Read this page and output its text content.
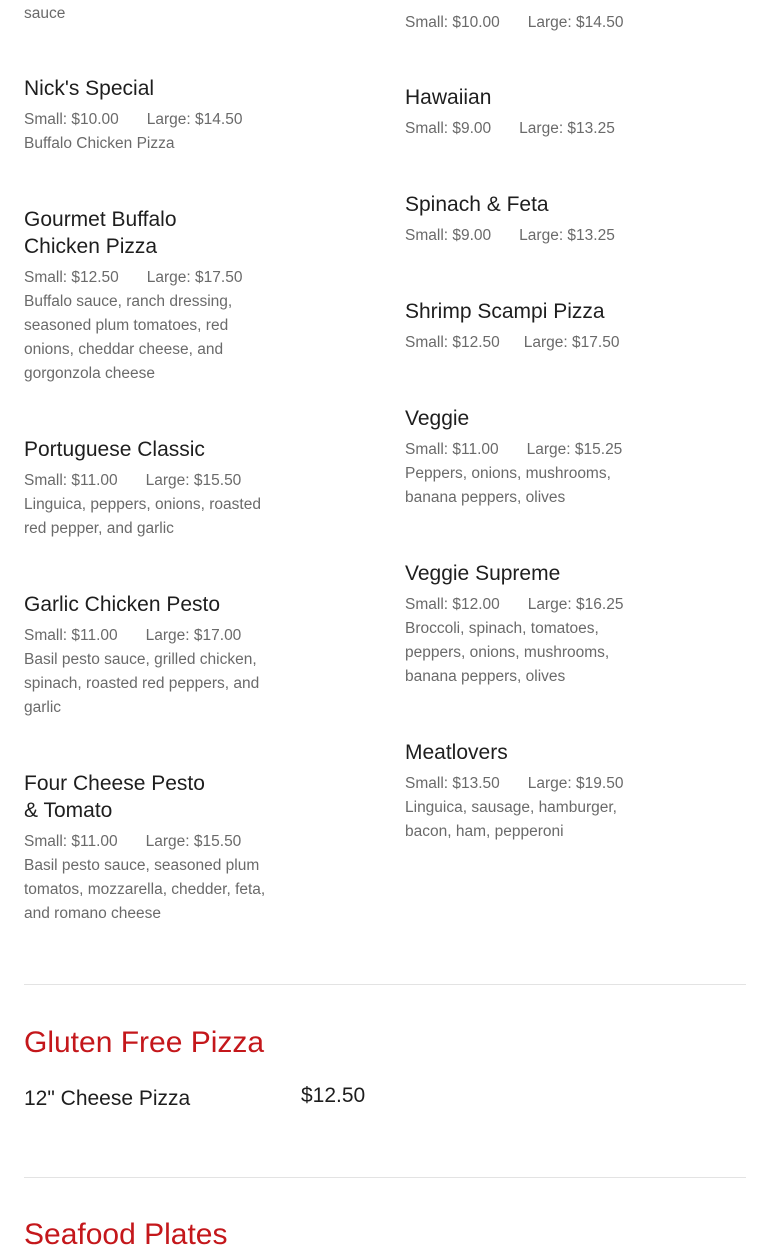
sauce
Small: $10.00 Large: $14.50
Nick's Special
Small: $10.00 Large: $14.50
Buffalo Chicken Pizza
Gourmet Buffalo Chicken Pizza
Small: $12.50 Large: $17.50
Buffalo sauce, ranch dressing, seasoned plum tomatoes, red onions, cheddar cheese, and gorgonzola cheese
Portuguese Classic
Small: $11.00 Large: $15.50
Linguica, peppers, onions, roasted red pepper, and garlic
Garlic Chicken Pesto
Small: $11.00 Large: $17.00
Basil pesto sauce, grilled chicken, spinach, roasted red peppers, and garlic
Four Cheese Pesto & Tomato
Small: $11.00 Large: $15.50
Basil pesto sauce, seasoned plum tomatos, mozzarella, chedder, feta, and romano cheese
Hawaiian
Small: $9.00 Large: $13.25
Spinach & Feta
Small: $9.00 Large: $13.25
Shrimp Scampi Pizza
Small: $12.50 Large: $17.50
Veggie
Small: $11.00 Large: $15.25
Peppers, onions, mushrooms, banana peppers, olives
Veggie Supreme
Small: $12.00 Large: $16.25
Broccoli, spinach, tomatoes, peppers, onions, mushrooms, banana peppers, olives
Meatlovers
Small: $13.50 Large: $19.50
Linguica, sausage, hamburger, bacon, ham, pepperoni
Gluten Free Pizza
12" Cheese Pizza	$12.50
Seafood Plates
